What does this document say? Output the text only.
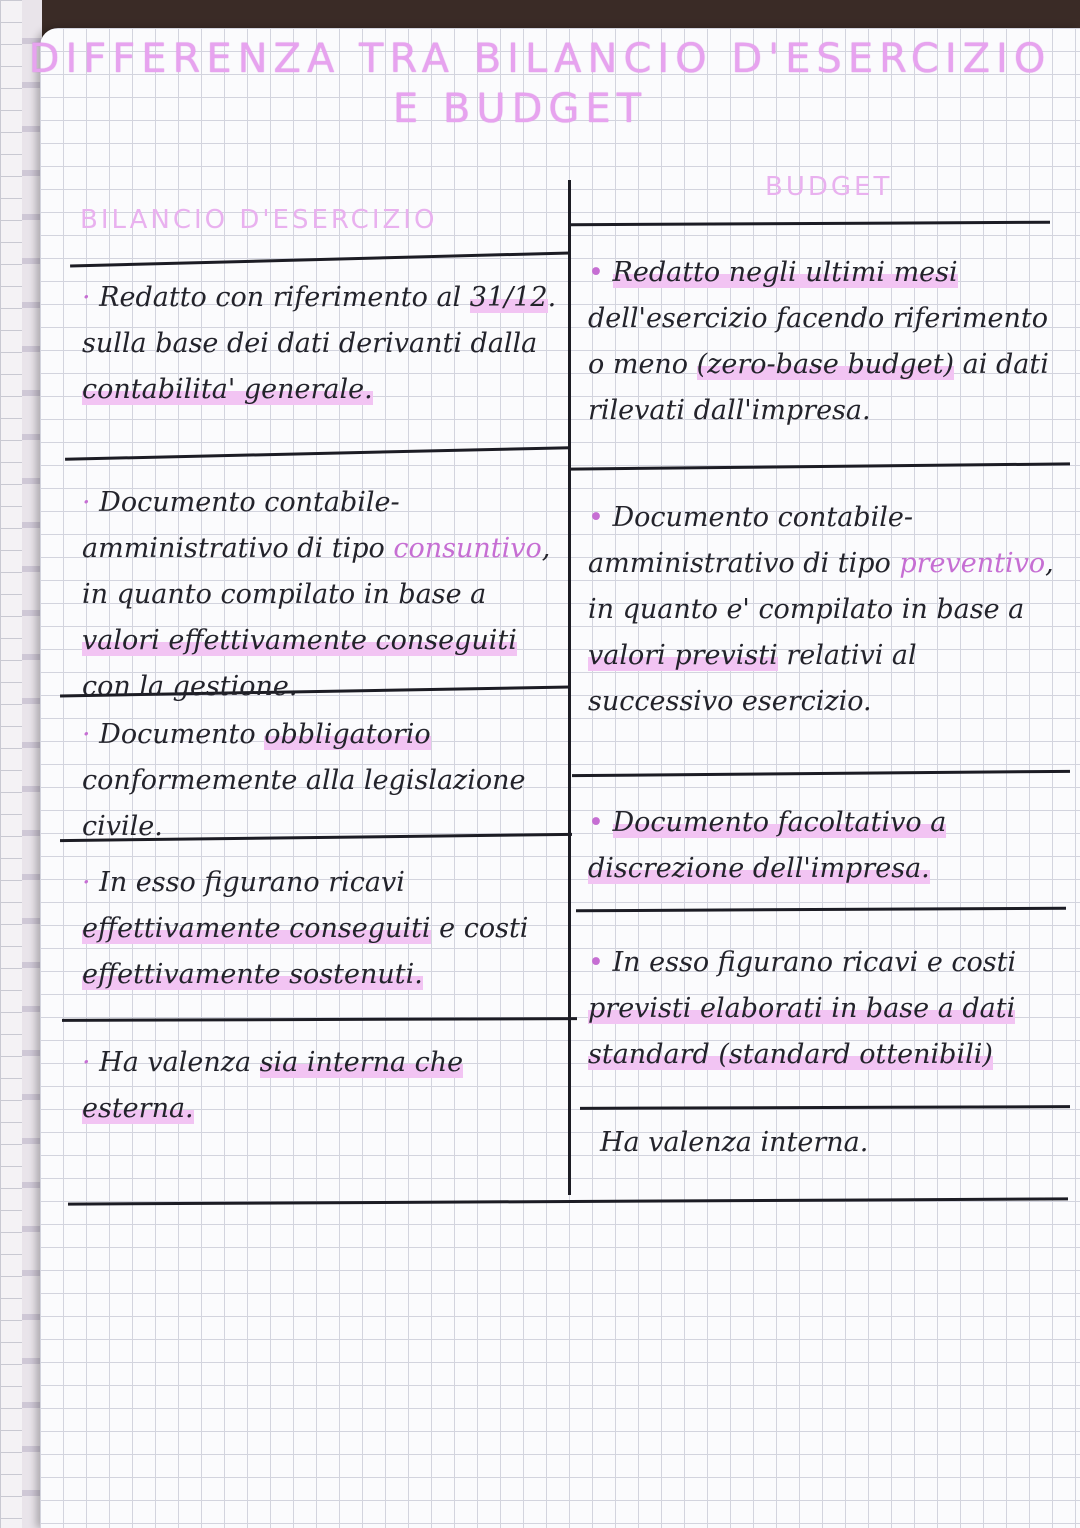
DIFFERENZA TRA BILANCIO D'ESERCIZIO
E BUDGET
BILANCIO D'ESERCIZIO
BUDGET
· Redatto con riferimento al 31/12. sulla base dei dati derivanti dalla contabilita' generale.
· Documento contabile-amministrativo di tipo consuntivo, in quanto compilato in base a valori effettivamente conseguiti con la gestione.
· Documento obbligatorio conformemente alla legislazione civile.
· In esso figurano ricavi effettivamente conseguiti e costi effettivamente sostenuti.
· Ha valenza sia interna che esterna.
• Redatto negli ultimi mesi dell'esercizio facendo riferimento o meno (zero-base budget) ai dati rilevati dall'impresa.
• Documento contabile-amministrativo di tipo preventivo, in quanto e' compilato in base a valori previsti relativi al successivo esercizio.
• Documento facoltativo a discrezione dell'impresa.
• In esso figurano ricavi e costi previsti elaborati in base a dati standard (standard ottenibili)
Ha valenza interna.
